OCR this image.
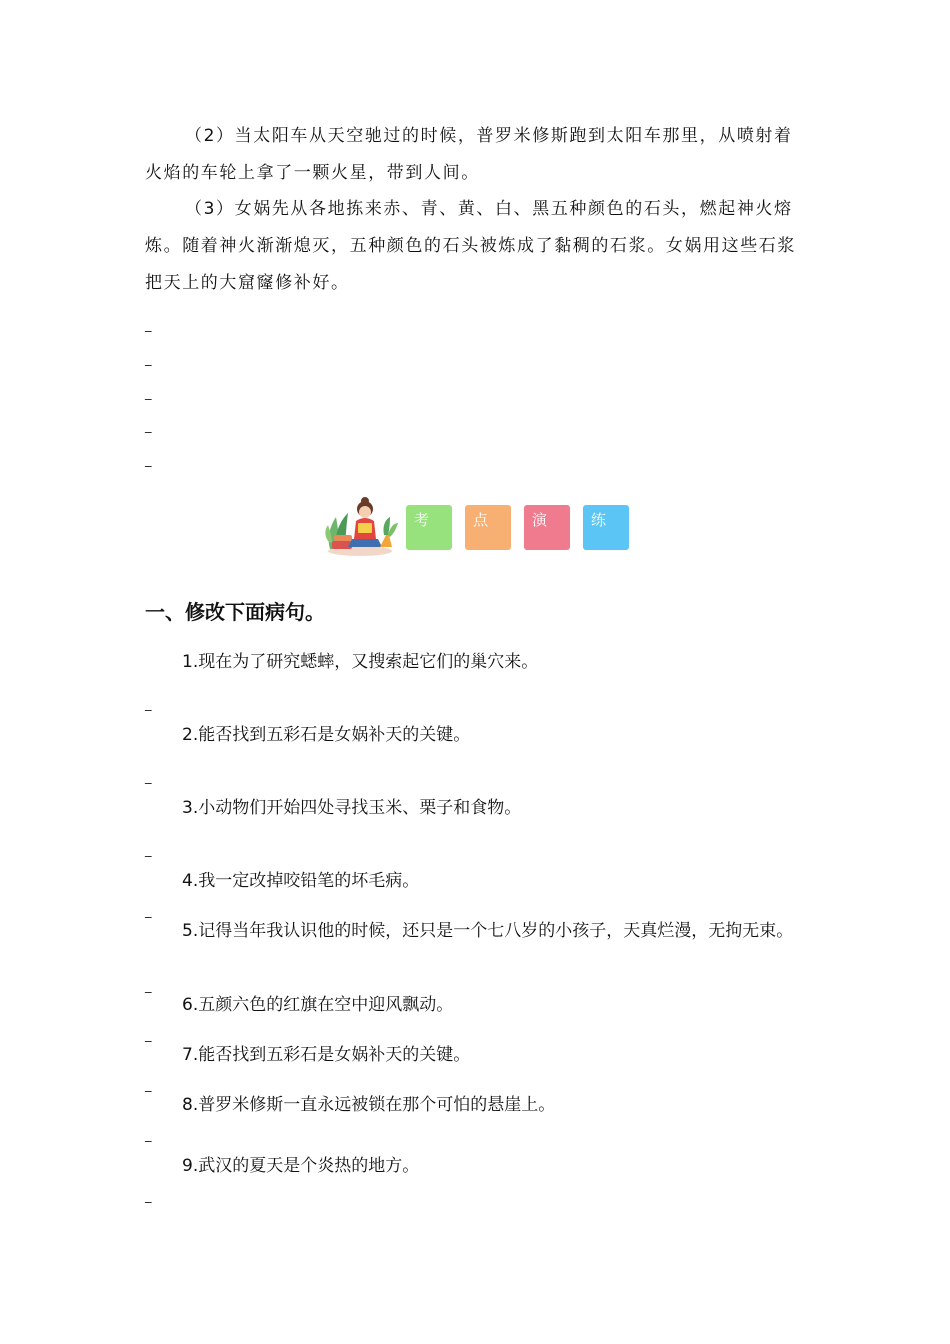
（2）当太阳车从天空驰过的时候，普罗米修斯跑到太阳车那里，从喷射着火焰的车轮上拿了一颗火星，带到人间。

（3）女娲先从各地拣来赤、青、黄、白、黑五种颜色的石头，燃起神火熔炼。随着神火渐渐熄灭，五种颜色的石头被炼成了黏稠的石浆。女娲用这些石浆把天上的大窟窿修补好。

_
_
_
_
_
考	点	演	练
一、修改下面病句。

1.现在为了研究蟋蟀，又搜索起它们的巢穴来。

_

2.能否找到五彩石是女娲补天的关键。

_

3.小动物们开始四处寻找玉米、栗子和食物。

_

4.我一定改掉咬铅笔的坏毛病。

_

5.记得当年我认识他的时候，还只是一个七八岁的小孩子，天真烂漫，无拘无束。

_

6.五颜六色的红旗在空中迎风飘动。

_

7.能否找到五彩石是女娲补天的关键。

_

8.普罗米修斯一直永远被锁在那个可怕的悬崖上。

_

9.武汉的夏天是个炎热的地方。

_
